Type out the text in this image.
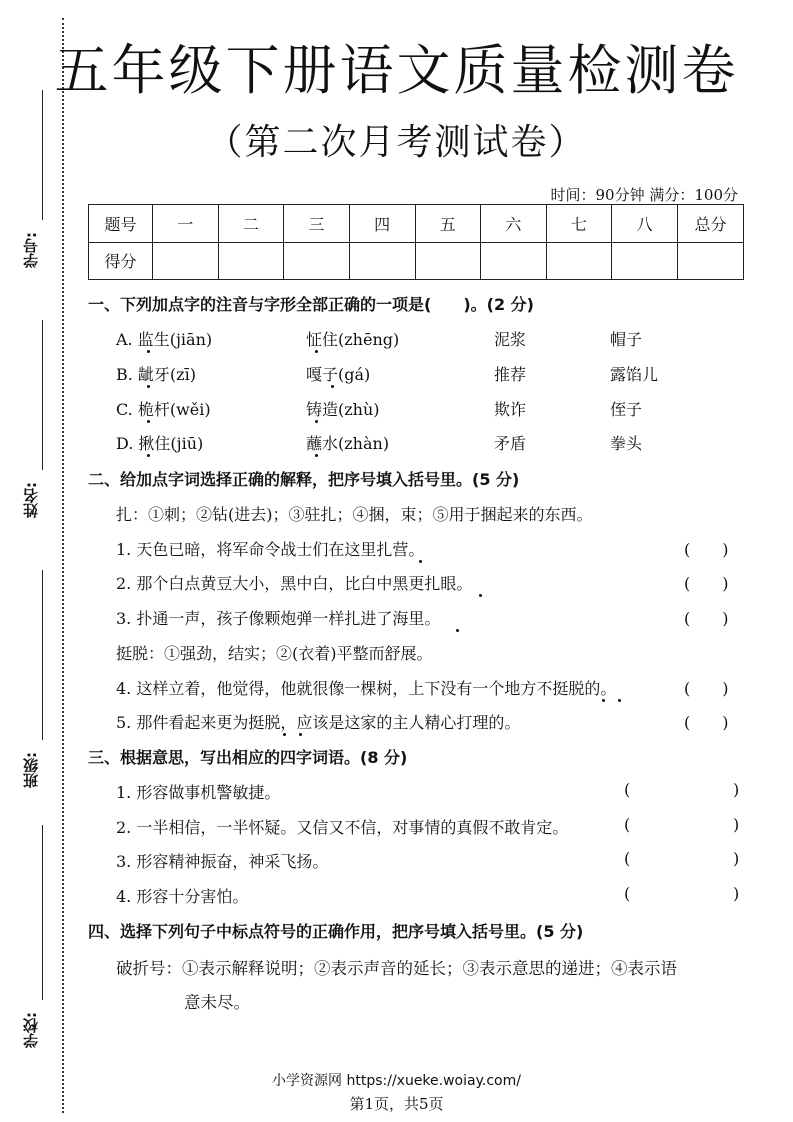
学号:
姓名:
班级:
学校:
五年级下册语文质量检测卷
（第二次月考测试卷）
时间：90分钟 满分：100分
题号	一	二	三	四	五	六	七	八	总分
得分									
一、下列加点字的注音与字形全部正确的一项是(　　)。(2 分)
A. 监生(jiān)	怔住(zhēng)	泥浆	帽子
B. 龇牙(zī)	嘎子(gá)	推荐	露馅儿
C. 桅杆(wěi)	铸造(zhù)	欺诈	侄子
D. 揪住(jiū)	蘸水(zhàn)	矛盾	拳头
二、给加点字词选择正确的解释，把序号填入括号里。(5 分)
扎：①刺；②钻(进去)；③驻扎；④捆，束；⑤用于捆起来的东西。
1. 天色已暗，将军命令战士们在这里扎营。	(　　)
2. 那个白点黄豆大小，黑中白，比白中黑更扎眼。	(　　)
3. 扑通一声，孩子像颗炮弹一样扎进了海里。	(　　)
挺脱：①强劲，结实；②(衣着)平整而舒展。
4. 这样立着，他觉得，他就很像一棵树，上下没有一个地方不挺脱的。	(　　)
5. 那件看起来更为挺脱，应该是这家的主人精心打理的。	(　　)
三、根据意思，写出相应的四字词语。(8 分)
1. 形容做事机警敏捷。	(	)
2. 一半相信，一半怀疑。又信又不信，对事情的真假不敢肯定。	(	)
3. 形容精神振奋，神采飞扬。	(	)
4. 形容十分害怕。	(	)
四、选择下列句子中标点符号的正确作用，把序号填入括号里。(5 分)
破折号：①表示解释说明；②表示声音的延长；③表示意思的递进；④表示语
意未尽。
小学资源网 https://xueke.woiay.com/
第1页，共5页
